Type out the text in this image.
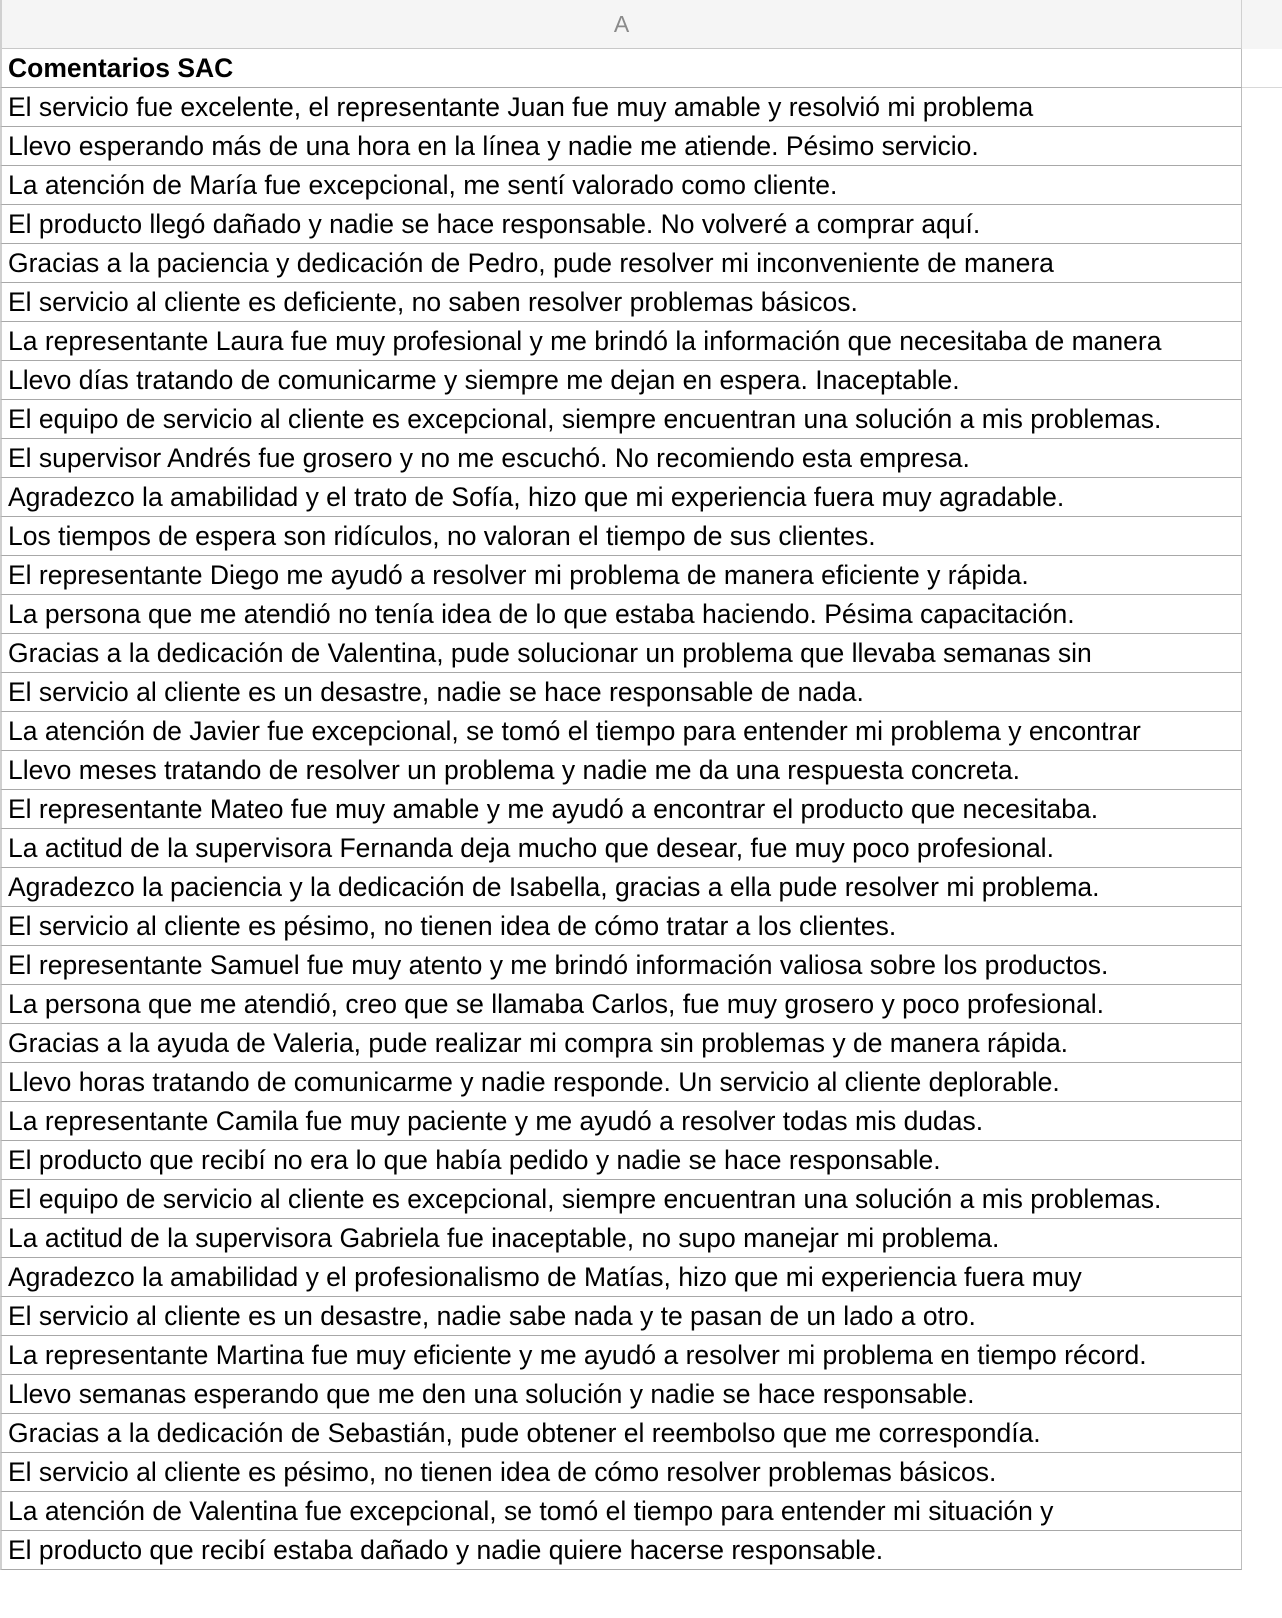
A
Comentarios SAC
El servicio fue excelente, el representante Juan fue muy amable y resolvió mi problema
Llevo esperando más de una hora en la línea y nadie me atiende. Pésimo servicio.
La atención de María fue excepcional, me sentí valorado como cliente.
El producto llegó dañado y nadie se hace responsable. No volveré a comprar aquí.
Gracias a la paciencia y dedicación de Pedro, pude resolver mi inconveniente de manera
El servicio al cliente es deficiente, no saben resolver problemas básicos.
La representante Laura fue muy profesional y me brindó la información que necesitaba de manera
Llevo días tratando de comunicarme y siempre me dejan en espera. Inaceptable.
El equipo de servicio al cliente es excepcional, siempre encuentran una solución a mis problemas.
El supervisor Andrés fue grosero y no me escuchó. No recomiendo esta empresa.
Agradezco la amabilidad y el trato de Sofía, hizo que mi experiencia fuera muy agradable.
Los tiempos de espera son ridículos, no valoran el tiempo de sus clientes.
El representante Diego me ayudó a resolver mi problema de manera eficiente y rápida.
La persona que me atendió no tenía idea de lo que estaba haciendo. Pésima capacitación.
Gracias a la dedicación de Valentina, pude solucionar un problema que llevaba semanas sin
El servicio al cliente es un desastre, nadie se hace responsable de nada.
La atención de Javier fue excepcional, se tomó el tiempo para entender mi problema y encontrar
Llevo meses tratando de resolver un problema y nadie me da una respuesta concreta.
El representante Mateo fue muy amable y me ayudó a encontrar el producto que necesitaba.
La actitud de la supervisora Fernanda deja mucho que desear, fue muy poco profesional.
Agradezco la paciencia y la dedicación de Isabella, gracias a ella pude resolver mi problema.
El servicio al cliente es pésimo, no tienen idea de cómo tratar a los clientes.
El representante Samuel fue muy atento y me brindó información valiosa sobre los productos.
La persona que me atendió, creo que se llamaba Carlos, fue muy grosero y poco profesional.
Gracias a la ayuda de Valeria, pude realizar mi compra sin problemas y de manera rápida.
Llevo horas tratando de comunicarme y nadie responde. Un servicio al cliente deplorable.
La representante Camila fue muy paciente y me ayudó a resolver todas mis dudas.
El producto que recibí no era lo que había pedido y nadie se hace responsable.
El equipo de servicio al cliente es excepcional, siempre encuentran una solución a mis problemas.
La actitud de la supervisora Gabriela fue inaceptable, no supo manejar mi problema.
Agradezco la amabilidad y el profesionalismo de Matías, hizo que mi experiencia fuera muy
El servicio al cliente es un desastre, nadie sabe nada y te pasan de un lado a otro.
La representante Martina fue muy eficiente y me ayudó a resolver mi problema en tiempo récord.
Llevo semanas esperando que me den una solución y nadie se hace responsable.
Gracias a la dedicación de Sebastián, pude obtener el reembolso que me correspondía.
El servicio al cliente es pésimo, no tienen idea de cómo resolver problemas básicos.
La atención de Valentina fue excepcional, se tomó el tiempo para entender mi situación y
El producto que recibí estaba dañado y nadie quiere hacerse responsable.
